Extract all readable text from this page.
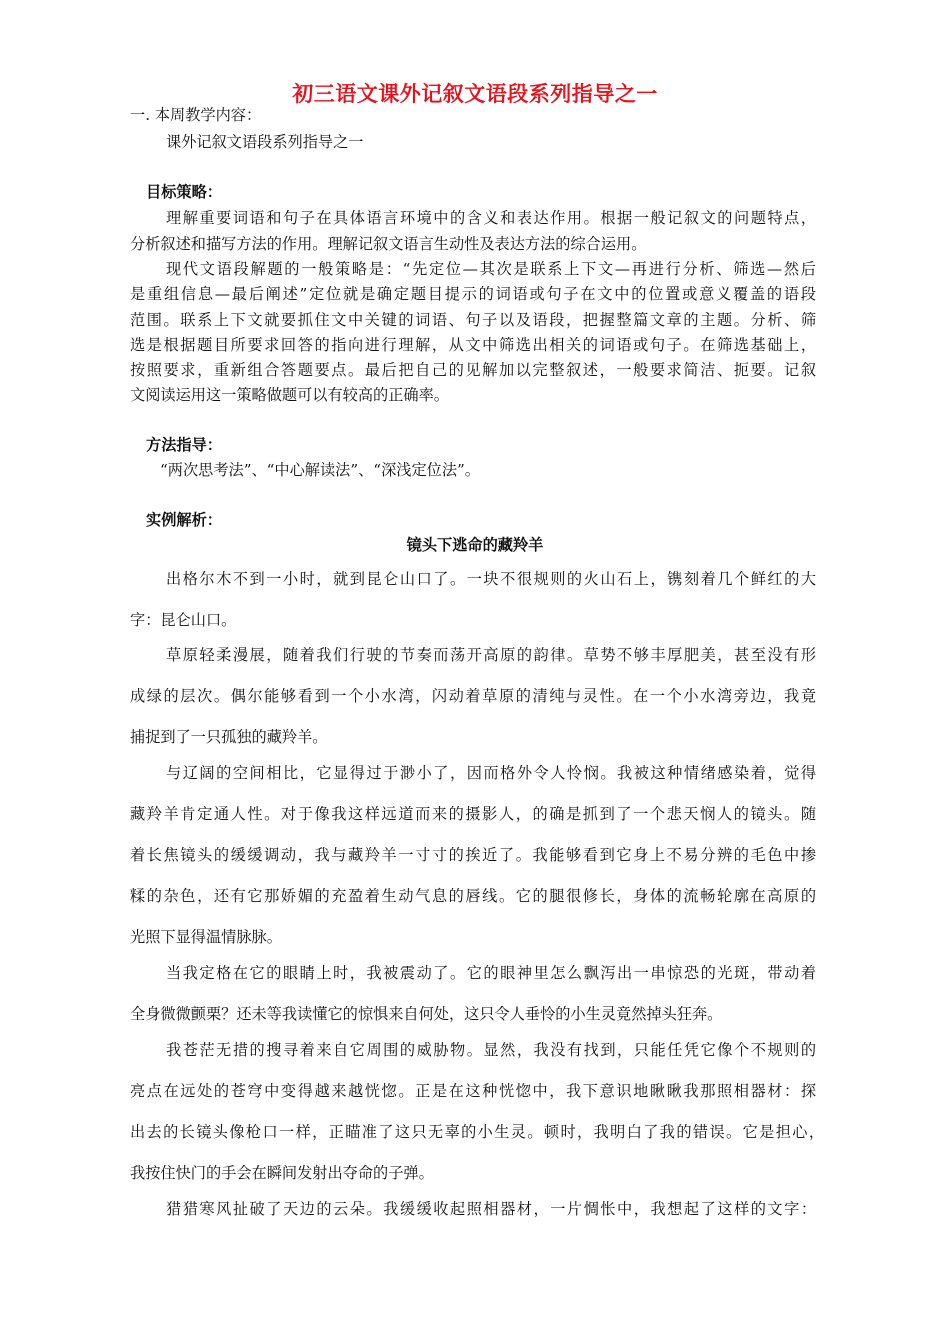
初三语文课外记叙文语段系列指导之一
一. 本周教学内容：
课外记叙文语段系列指导之一
目标策略：
理解重要词语和句子在具体语言环境中的含义和表达作用。根据一般记叙文的问题特点，
分析叙述和描写方法的作用。理解记叙文语言生动性及表达方法的综合运用。
现代文语段解题的一般策略是：“先定位—其次是联系上下文—再进行分析、筛选—然后
是重组信息—最后阐述”定位就是确定题目提示的词语或句子在文中的位置或意义覆盖的语段
范围。联系上下文就要抓住文中关键的词语、句子以及语段，把握整篇文章的主题。分析、筛
选是根据题目所要求回答的指向进行理解，从文中筛选出相关的词语或句子。在筛选基础上，
按照要求，重新组合答题要点。最后把自己的见解加以完整叙述，一般要求简洁、扼要。记叙
文阅读运用这一策略做题可以有较高的正确率。
方法指导：
“两次思考法”、“中心解读法”、“深浅定位法”。
实例解析：
镜头下逃命的藏羚羊
出格尔木不到一小时，就到昆仑山口了。一块不很规则的火山石上，镌刻着几个鲜红的大
字：昆仑山口。
草原轻柔漫展，随着我们行驶的节奏而荡开高原的韵律。草势不够丰厚肥美，甚至没有形
成绿的层次。偶尔能够看到一个小水湾，闪动着草原的清纯与灵性。在一个小水湾旁边，我竟
捕捉到了一只孤独的藏羚羊。
与辽阔的空间相比，它显得过于渺小了，因而格外令人怜悯。我被这种情绪感染着，觉得
藏羚羊肯定通人性。对于像我这样远道而来的摄影人，的确是抓到了一个悲天悯人的镜头。随
着长焦镜头的缓缓调动，我与藏羚羊一寸寸的挨近了。我能够看到它身上不易分辨的毛色中掺
糅的杂色，还有它那娇媚的充盈着生动气息的唇线。它的腿很修长，身体的流畅轮廓在高原的
光照下显得温情脉脉。
当我定格在它的眼睛上时，我被震动了。它的眼神里怎么飘泻出一串惊恐的光斑，带动着
全身微微颤栗？还未等我读懂它的惊惧来自何处，这只令人垂怜的小生灵竟然掉头狂奔。
我苍茫无措的搜寻着来自它周围的威胁物。显然，我没有找到，只能任凭它像个不规则的
亮点在远处的苍穹中变得越来越恍惚。正是在这种恍惚中，我下意识地瞅瞅我那照相器材：探
出去的长镜头像枪口一样，正瞄准了这只无辜的小生灵。顿时，我明白了我的错误。它是担心，
我按住快门的手会在瞬间发射出夺命的子弹。
猎猎寒风扯破了天边的云朵。我缓缓收起照相器材，一片惆怅中，我想起了这样的文字：
